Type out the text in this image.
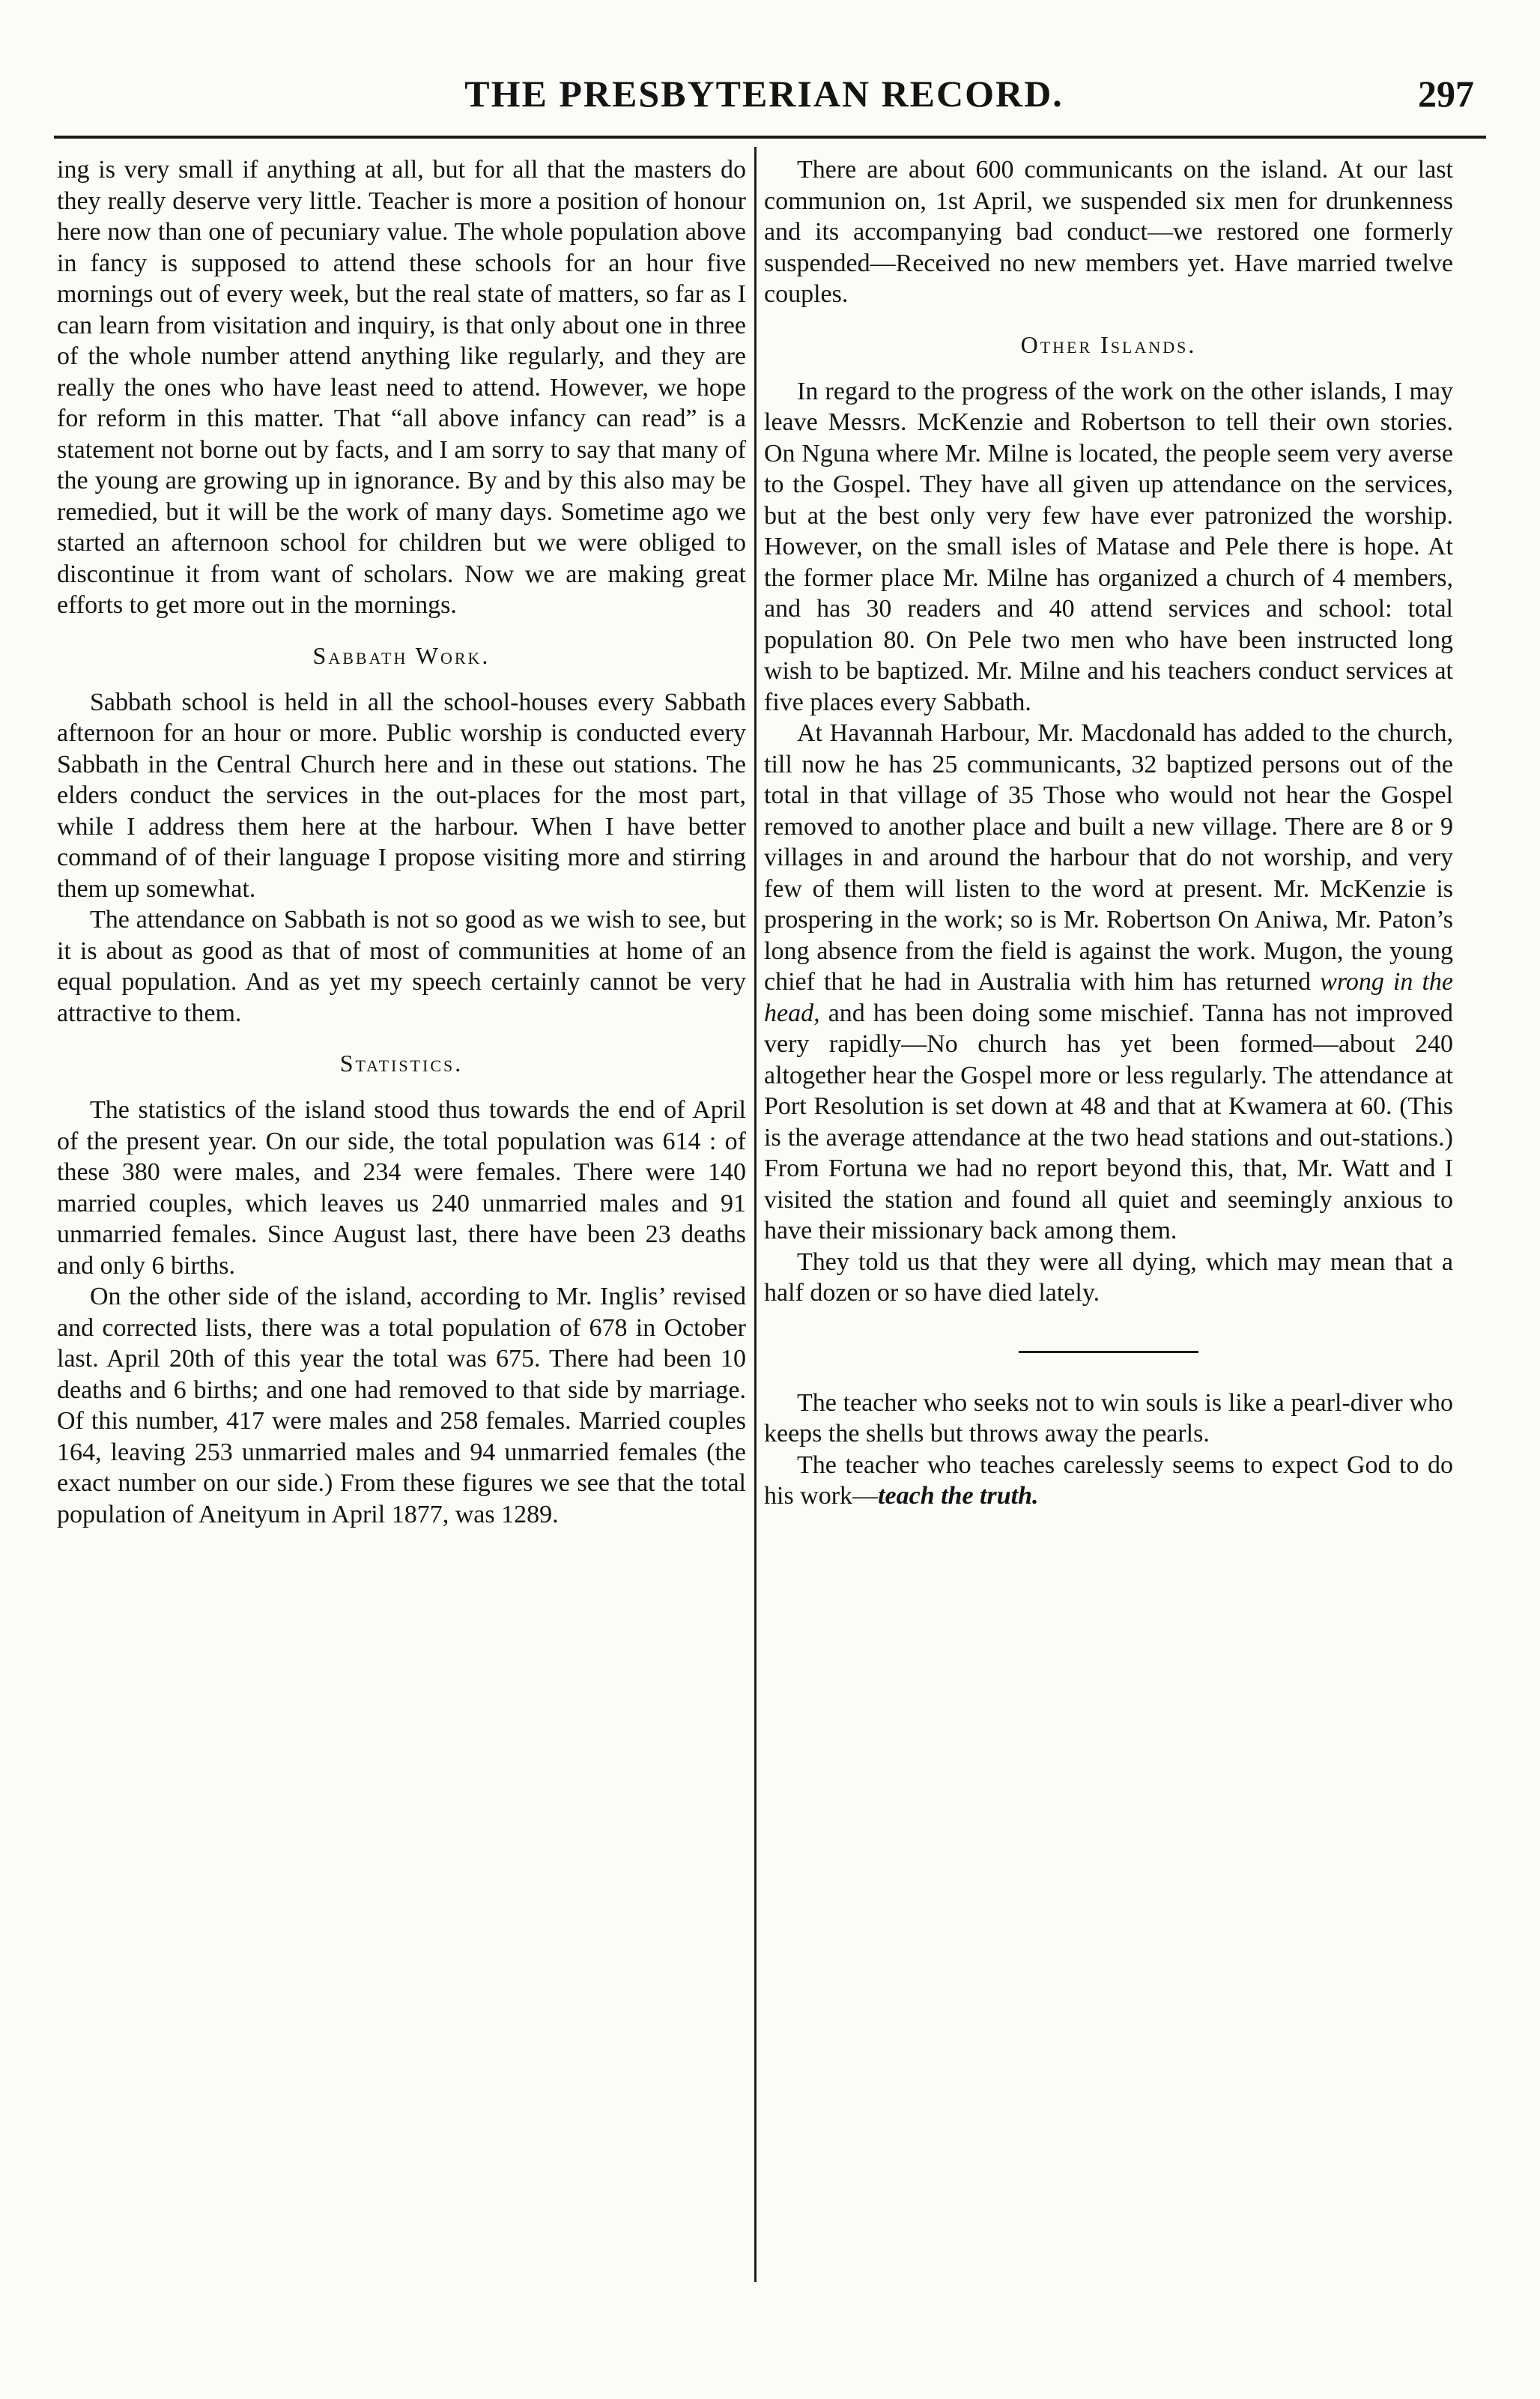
THE PRESBYTERIAN RECORD.	297

ing is very small if anything at all, but for all that the masters do they really deserve very little. Teacher is more a position of honour here now than one of pecuniary value. The whole population above in fancy is supposed to attend these schools for an hour five mornings out of every week, but the real state of matters, so far as I can learn from visitation and inquiry, is that only about one in three of the whole number attend anything like regularly, and they are really the ones who have least need to attend. However, we hope for reform in this matter. That “all above infancy can read” is a statement not borne out by facts, and I am sorry to say that many of the young are growing up in ignorance. By and by this also may be remedied, but it will be the work of many days. Sometime ago we started an afternoon school for children but we were obliged to discontinue it from want of scholars. Now we are making great efforts to get more out in the mornings.

Sabbath Work.

Sabbath school is held in all the school-houses every Sabbath afternoon for an hour or more. Public worship is conducted every Sabbath in the Central Church here and in these out stations. The elders conduct the services in the out-places for the most part, while I address them here at the harbour. When I have better command of of their language I propose visiting more and stirring them up somewhat.

The attendance on Sabbath is not so good as we wish to see, but it is about as good as that of most of communities at home of an equal population. And as yet my speech certainly cannot be very attractive to them.

Statistics.

The statistics of the island stood thus towards the end of April of the present year. On our side, the total population was 614 : of these 380 were males, and 234 were females. There were 140 married couples, which leaves us 240 unmarried males and 91 unmarried females. Since August last, there have been 23 deaths and only 6 births.

On the other side of the island, according to Mr. Inglis’ revised and corrected lists, there was a total population of 678 in October last. April 20th of this year the total was 675. There had been 10 deaths and 6 births; and one had removed to that side by marriage. Of this number, 417 were males and 258 females. Married couples 164, leaving 253 unmarried males and 94 unmarried females (the exact number on our side.) From these figures we see that the total population of Aneityum in April 1877, was 1289.

There are about 600 communicants on the island. At our last communion on, 1st April, we suspended six men for drunkenness and its accompanying bad conduct—we restored one formerly suspended—Received no new members yet. Have married twelve couples.

Other Islands.

In regard to the progress of the work on the other islands, I may leave Messrs. McKenzie and Robertson to tell their own stories. On Nguna where Mr. Milne is located, the people seem very averse to the Gospel. They have all given up attendance on the services, but at the best only very few have ever patronized the worship. However, on the small isles of Matase and Pele there is hope. At the former place Mr. Milne has organized a church of 4 members, and has 30 readers and 40 attend services and school: total population 80. On Pele two men who have been instructed long wish to be baptized. Mr. Milne and his teachers conduct services at five places every Sabbath.

At Havannah Harbour, Mr. Macdonald has added to the church, till now he has 25 communicants, 32 baptized persons out of the total in that village of 35 Those who would not hear the Gospel removed to another place and built a new village. There are 8 or 9 villages in and around the harbour that do not worship, and very few of them will listen to the word at present. Mr. McKenzie is prospering in the work; so is Mr. Robertson On Aniwa, Mr. Paton’s long absence from the field is against the work. Mugon, the young chief that he had in Australia with him has returned wrong in the head, and has been doing some mischief. Tanna has not improved very rapidly—No church has yet been formed—about 240 altogether hear the Gospel more or less regularly. The attendance at Port Resolution is set down at 48 and that at Kwamera at 60. (This is the average attendance at the two head stations and out-stations.) From Fortuna we had no report beyond this, that, Mr. Watt and I visited the station and found all quiet and seemingly anxious to have their missionary back among them.

They told us that they were all dying, which may mean that a half dozen or so have died lately.

The teacher who seeks not to win souls is like a pearl-diver who keeps the shells but throws away the pearls.

The teacher who teaches carelessly seems to expect God to do his work—teach the truth.
